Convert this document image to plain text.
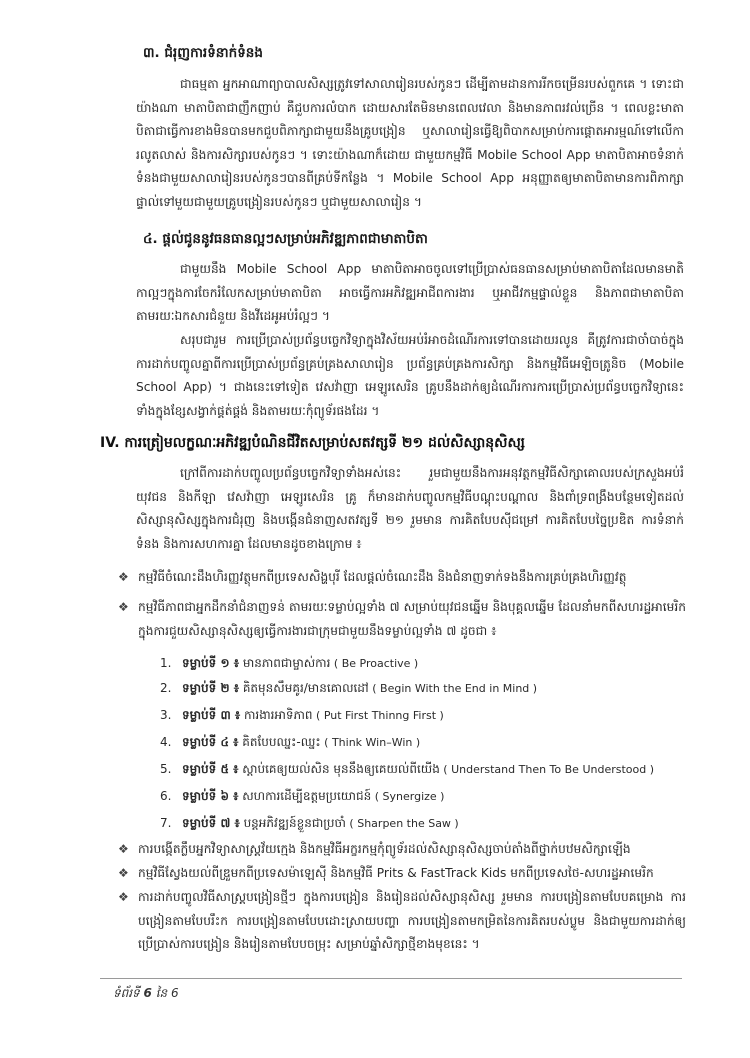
៣. ជំរុញការទំនាក់ទំនង
ជាធម្មតា អ្នកអាណាព្យាបាលសិស្សត្រូវទៅសាលារៀនរបស់កូនៗ ដើម្បីតាមដានការរីកចម្រើនរបស់ពួកគេ ។ ទោះជាយ៉ាងណា មាតាបិតាជាញឹកញាប់ គឺជួបការលំបាក ដោយសារតែមិនមានពេលវេលា និងមានភាពរវល់ច្រើន ។ ពេលខ្លះមាតាបិតាជាធ្វើការខាងមិនបានមកជួបពិភាក្សាជាមួយនឹងគ្រូបង្រៀន ឬសាលារៀនធ្វើឱ្យពិបាកសម្រាប់ការផ្តោតអារម្មណ៍ទៅលើការលូតលាស់ និងការសិក្សារបស់កូនៗ ។ ទោះយ៉ាងណាក៏ដោយ ជាមួយកម្មវិធី Mobile School App មាតាបិតាអាចទំនាក់ទំនងជាមួយសាលារៀនរបស់កូនៗបានពីគ្រប់ទីកន្លែង ។ Mobile School App អនុញ្ញាតឲ្យមាតាបិតាមានការពិភាក្សាផ្ទាល់ទៅមួយជាមួយគ្រូបង្រៀនរបស់កូនៗ ឬជាមួយសាលារៀន ។
៤. ផ្តល់ជូននូវធនធានល្អៗសម្រាប់អភិវឌ្ឍភាពជាមាតាបិតា
ជាមួយនឹង Mobile School App មាតាបិតាអាចចូលទៅប្រើប្រាស់ធនធានសម្រាប់មាតាបិតាដែលមានមាតិកាល្អៗក្នុងការចែករំលែកសម្រាប់មាតាបិតា អាចធ្វើការអភិវឌ្ឍអាជីពការងារ ឬអាជីវកម្មផ្ទាល់ខ្លួន និងភាពជាមាតាបិតា តាមរយៈឯកសារជំនួយ និងវីដេអូអប់រំល្អៗ ។
សរុបជារួម ការប្រើប្រាស់ប្រព័ន្ធបច្ចេកវិទ្យាក្នុងវិស័យអប់រំអាចដំណើរការទៅបានដោយរលូន គឺត្រូវការជាចាំបាច់ក្នុងការដាក់បញ្ចូលគ្នាពីការប្រើប្រាស់ប្រព័ន្ធគ្រប់គ្រងសាលារៀន ប្រព័ន្ធគ្រប់គ្រងការសិក្សា និងកម្មវិធីអេឡិចត្រូនិច (Mobile School App) ។ ជាងនេះទៅទៀត វេសវ៉ាញា អេឡូរសេរិន គ្រូបនឹងដាក់ឲ្យដំណើរការការប្រើប្រាស់ប្រព័ន្ធបច្ចេកវិទ្យានេះទាំងក្នុងខ្សែសង្វាក់ផ្គត់ផ្គង់ និងតាមរយៈកុំព្យូទ័រផងដែរ ។
IV. ការត្រៀមលក្ខណៈអភិវឌ្ឍបំណិនជីវិតសម្រាប់សតវត្សទី ២១ ដល់សិស្សានុសិស្ស
ក្រៅពីការដាក់បញ្ចូលប្រព័ន្ធបច្ចេកវិទ្យាទាំងអស់នេះ រួមជាមួយនឹងការអនុវត្តកម្មវិធីសិក្សាគោលរបស់ក្រសួងអប់រំ យុវជន និងកីឡា វេសវ៉ាញា អេឡូរសេរិន គ្រូ ក៏មានដាក់បញ្ចូលកម្មវិធីបណ្តុះបណ្តាល និងពាំទ្រពង្រឹងបន្ថែមទៀតដល់សិស្សានុសិស្សក្នុងការជំរុញ និងបង្កើនជំនាញសតវត្សទី ២១ រួមមាន ការគិតបែបស៊ីជម្រៅ ការគិតបែបច្នៃប្រឌិត ការទំនាក់ទំនង និងការសហការគ្នា ដែលមានដូចខាងក្រោម ៖
❖ កម្មវិធីចំណេះដឹងហិរញ្ញវត្ថុមកពីប្រទេសសិង្ហបុរី ដែលផ្តល់ចំណេះដឹង និងជំនាញទាក់ទងនឹងការគ្រប់គ្រងហិរញ្ញវត្ថុ
❖ កម្មវិធីភាពជាអ្នកដឹកនាំជំនាញទន់ តាមរយៈទម្លាប់ល្អទាំង ៧ សម្រាប់យុវជនឆ្នើម និងបុគ្គលឆ្នើម ដែលនាំមកពីសហរដ្ឋអាមេរិក ក្នុងការជួយសិស្សានុសិស្សឲ្យធ្វើការងារជាក្រុមជាមួយនឹងទម្លាប់ល្អទាំង ៧ ដូចជា ៖
1. ទម្លាប់ទី ១ ៖ មានភាពជាម្ចាស់ការ ( Be Proactive )
2. ទម្លាប់ទី ២ ៖ គិតមុនសឹមគូរ/មានគោលដៅ ( Begin With the End in Mind )
3. ទម្លាប់ទី ៣ ៖ ការងារអាទិភាព ( Put First Thinng First )
4. ទម្លាប់ទី ៤ ៖ គិតបែបឈ្នះ-ឈ្នះ ( Think Win–Win )
5. ទម្លាប់ទី ៥ ៖ ស្តាប់គេឲ្យយល់សិន មុននឹងឲ្យគេយល់ពីយើង ( Understand Then To Be Understood )
6. ទម្លាប់ទី ៦ ៖ សហការដើម្បីឧត្តមប្រយោជន៍ ( Synergize )
7. ទម្លាប់ទី ៧ ៖ បន្តអភិវឌ្ឍន៍ខ្លួនជាប្រចាំ ( Sharpen the Saw )
❖ ការបង្កើតក្លឹបអ្នកវិទ្យាសាស្ត្រវ័យក្មេង និងកម្មវិធីអក្ខរកម្មកុំព្យូទ័រដល់សិស្សានុសិស្សចាប់តាំងពីថ្នាក់បឋមសិក្សាឡើង
❖ កម្មវិធីស្វែងយល់ពីឌ្រួមកពីប្រទេសម៉ាឡេស៊ី និងកម្មវិធី Prits & FastTrack Kids មកពីប្រទេសថៃ-សហរដ្ឋអាមេរិក
❖ ការដាក់បញ្ចូលវិធីសាស្ត្របង្រៀនថ្មីៗ ក្នុងការបង្រៀន និងរៀនដល់សិស្សានុសិស្ស រួមមាន ការបង្រៀនតាមបែបគម្រោង ការបង្រៀនតាមបែបរឹះក ការបង្រៀនតាមបែបដោះស្រាយបញ្ហា ការបង្រៀនតាមកម្រិតនៃការគិតរបស់ប្លូម និងជាមួយការដាក់ឲ្យប្រើប្រាស់ការបង្រៀន និងរៀនតាមបែបចម្រុះ សម្រាប់ឆ្នាំសិក្សាថ្មីខាងមុខនេះ ។
ទំព័រទី 6 នៃ 6
